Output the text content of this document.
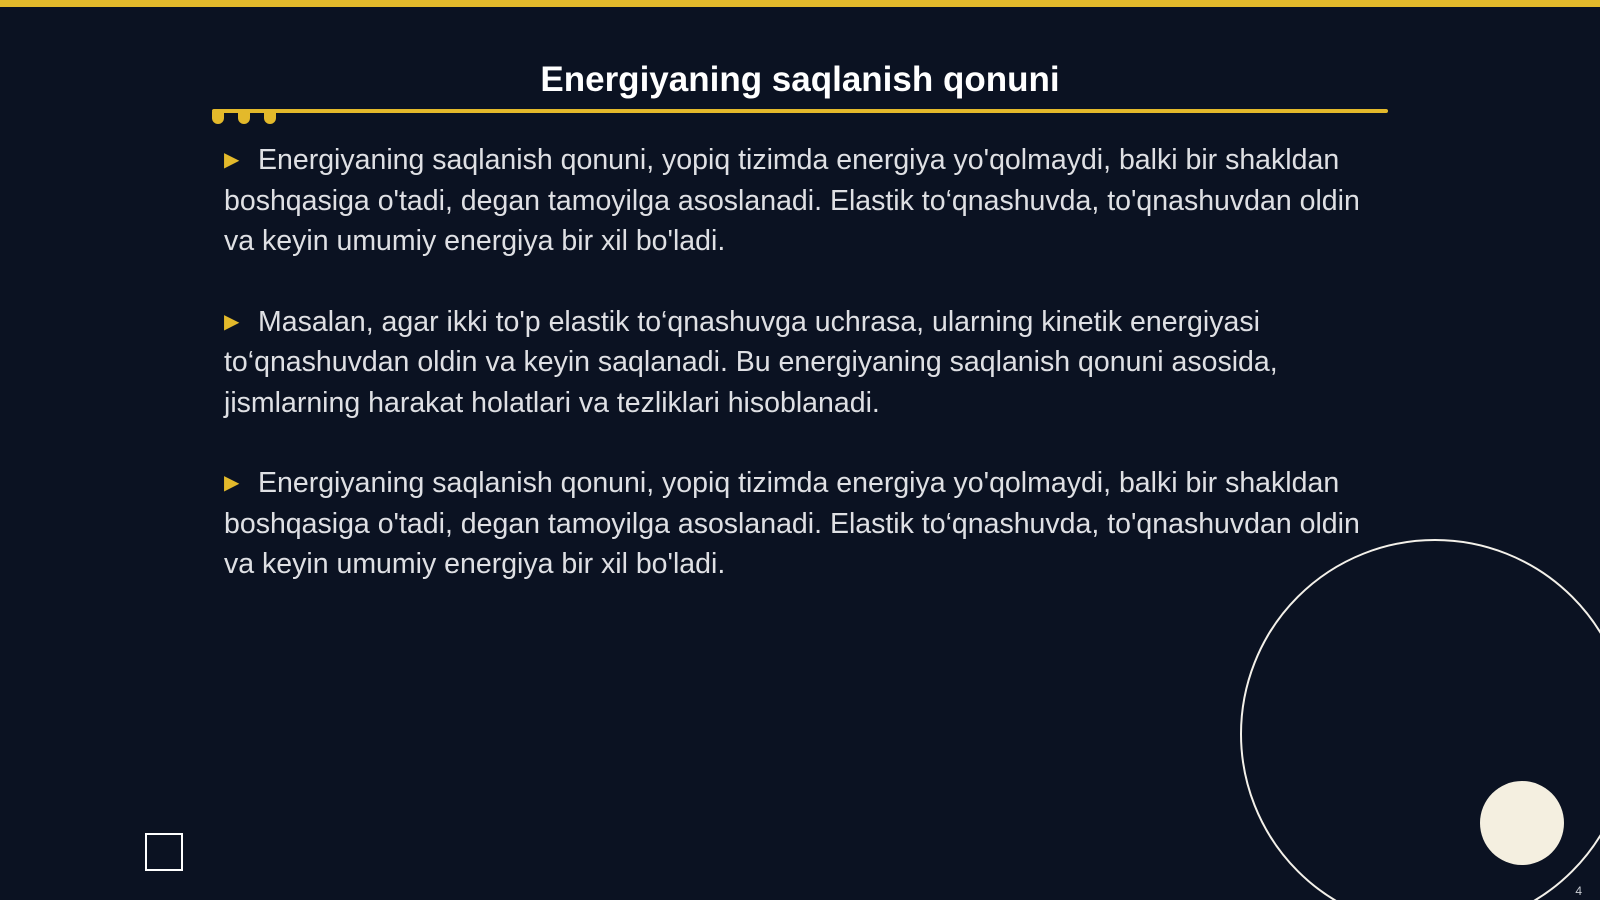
Energiyaning saqlanish qonuni

▶ Energiyaning saqlanish qonuni, yopiq tizimda energiya yo'qolmaydi, balki bir shakldan boshqasiga o'tadi, degan tamoyilga asoslanadi. Elastik to‘qnashuvda, to'qnashuvdan oldin va keyin umumiy energiya bir xil bo'ladi.

▶ Masalan, agar ikki to'p elastik to‘qnashuvga uchrasa, ularning kinetik energiyasi to‘qnashuvdan oldin va keyin saqlanadi. Bu energiyaning saqlanish qonuni asosida, jismlarning harakat holatlari va tezliklari hisoblanadi.

▶ Energiyaning saqlanish qonuni, yopiq tizimda energiya yo'qolmaydi, balki bir shakldan boshqasiga o'tadi, degan tamoyilga asoslanadi. Elastik to‘qnashuvda, to'qnashuvdan oldin va keyin umumiy energiya bir xil bo'ladi.

4
